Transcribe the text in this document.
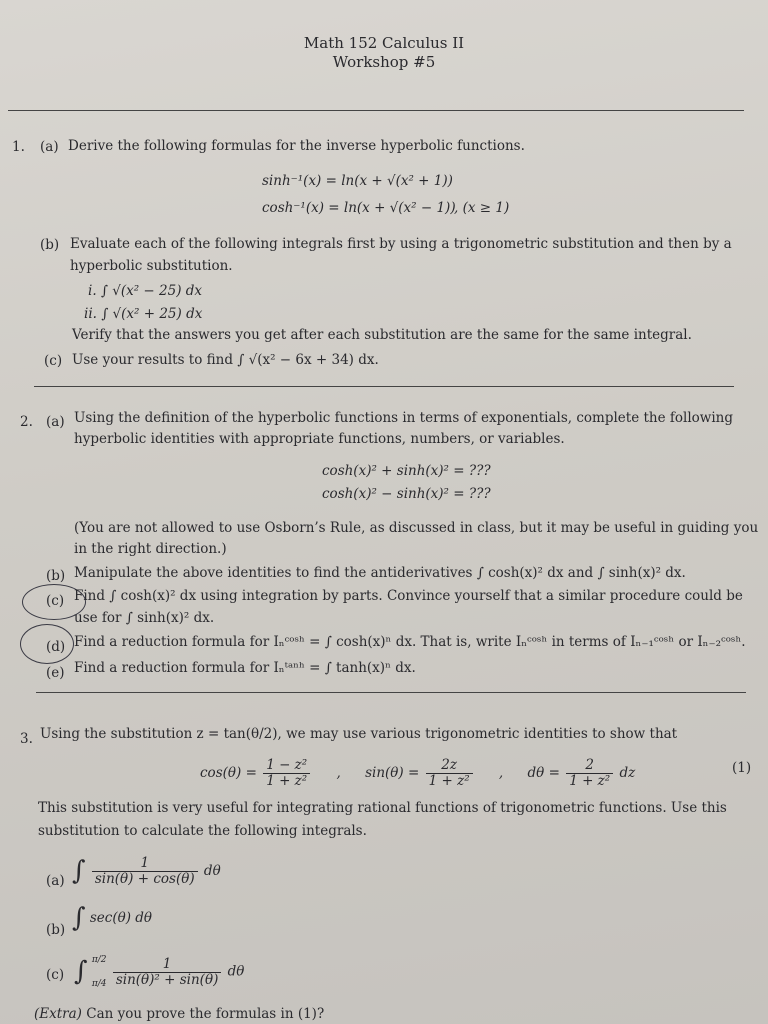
Math 152 Calculus II
Workshop #5
1. (a) Derive the following formulas for the inverse hyperbolic functions.
sinh⁻¹(x) = ln(x + √(x² + 1))
cosh⁻¹(x) = ln(x + √(x² − 1))
, (x ≥ 1)
(b) Evaluate each of the following integrals first by using a trigonometric substitution and then by a
hyperbolic substitution.
i. ∫ √(x² − 25) dx
ii. ∫ √(x² + 25) dx
Verify that the answers you get after each substitution are the same for the same integral.
(c) Use your results to find ∫ √(x² − 6x + 34) dx.
2. (a) Using the definition of the hyperbolic functions in terms of exponentials, complete the following
hyperbolic identities with appropriate functions, numbers, or variables.
cosh(x)² + sinh(x)² = ???
cosh(x)² − sinh(x)² = ???
(You are not allowed to use Osborn’s Rule, as discussed in class, but it may be useful in guiding you
in the right direction.)
(b) Manipulate the above identities to find the antiderivatives ∫ cosh(x)² dx and ∫ sinh(x)² dx.
(c) Find ∫ cosh(x)² dx using integration by parts. Convince yourself that a similar procedure could be
use for ∫ sinh(x)² dx.
(d) Find a reduction formula for Iₙᶜᵒˢʰ = ∫ cosh(x)ⁿ dx. That is, write Iₙᶜᵒˢʰ in terms of Iₙ₋₁ᶜᵒˢʰ or Iₙ₋₂ᶜᵒˢʰ.
(e) Find a reduction formula for Iₙᵗᵃⁿʰ = ∫ tanh(x)ⁿ dx.
3. Using the substitution z = tan(θ/2), we may use various trigonometric identities to show that
$\cos(\theta) = \frac{\text{1 − z²}}{\text{1 + z²}}$ , $\sin(\theta) = \frac{2z}{\text{1 + z²}}$ , $d\theta = \frac{2}{\text{1 + z²}}$ dz	(1)
This substitution is very useful for integrating rational functions of trigonometric functions. Use this
substitution to calculate the following integrals.
(a) ∫ $\frac{1}{\sin(\theta) + \cos(\theta)}$ dθ
(b) ∫ sec(θ) dθ
(c) ∫ π/2
π/4
$\frac{1}{\text{sin(θ)² + sin(θ)}}$ dθ
(Extra) Can you prove the formulas in (1)?
